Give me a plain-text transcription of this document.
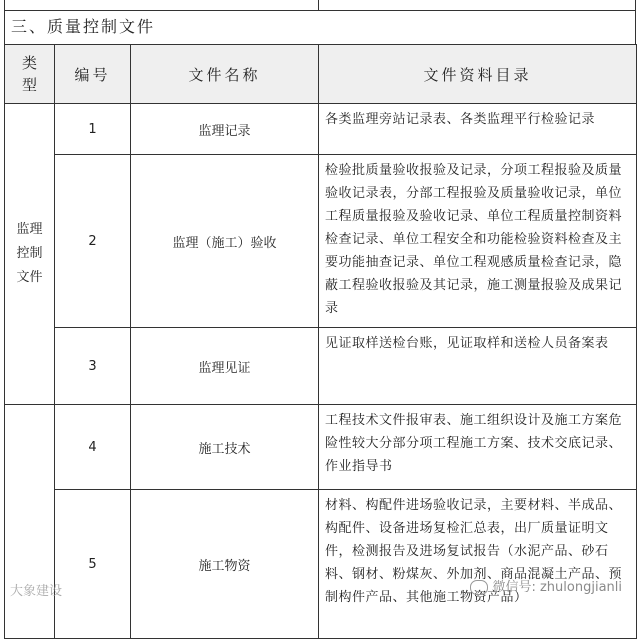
三、质量控制文件
类型	编号	文件名称	文件资料目录
监理控制文件	1	监理记录	各类监理旁站记录表、各类监理平行检验记录
	2	监理（施工）验收	检验批质量验收报验及记录，分项工程报验及质量验收记录表，分部工程报验及质量验收记录，单位工程质量报验及验收记录、单位工程质量控制资料检查记录、单位工程安全和功能检验资料检查及主要功能抽查记录、单位工程观感质量检查记录，隐蔽工程验收报验及其记录，施工测量报验及成果记录
	3	监理见证	见证取样送检台账，见证取样和送检人员备案表
	4	施工技术	工程技术文件报审表、施工组织设计及施工方案危险性较大分部分项工程施工方案、技术交底记录、作业指导书
	5	施工物资	材料、构配件进场验收记录，主要材料、半成品、构配件、设备进场复检汇总表，出厂质量证明文件，检测报告及进场复试报告（水泥产品、砂石料、钢材、粉煤灰、外加剂、商品混凝土产品、预制构件产品、其他施工物资产品）
大象建设	微信号: zhulongjianli
